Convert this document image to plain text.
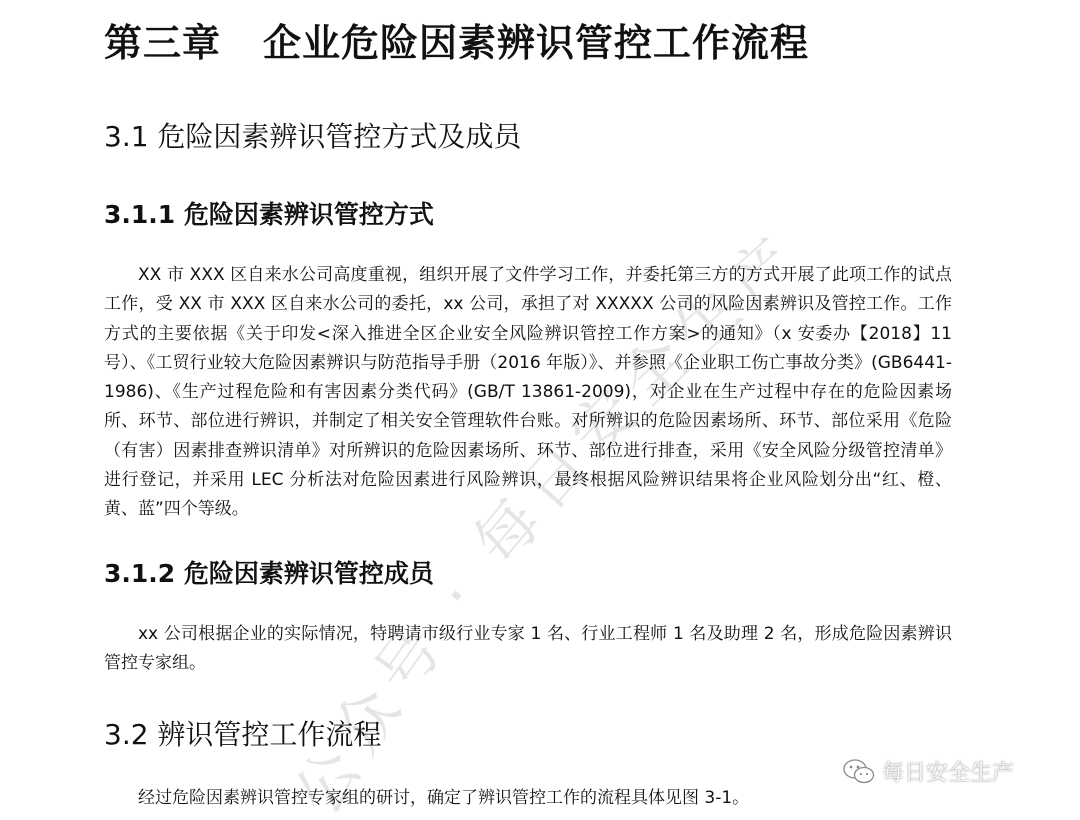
公众号 · 每日安全生产
第三章 企业危险因素辨识管控工作流程
3.1 危险因素辨识管控方式及成员
3.1.1 危险因素辨识管控方式

XX 市 XXX 区自来水公司高度重视，组织开展了文件学习工作，并委托第三方的方式开展了此项工作的试点工作，受 XX 市 XXX 区自来水公司的委托，xx 公司，承担了对 XXXXX 公司的风险因素辨识及管控工作。工作方式的主要依据《关于印发<深入推进全区企业安全风险辨识管控工作方案>的通知》（x 安委办【2018】11 号）、《工贸行业较大危险因素辨识与防范指导手册（2016 年版）》、并参照《企业职工伤亡事故分类》(GB6441-1986)、《生产过程危险和有害因素分类代码》(GB/T 13861-2009)，对企业在生产过程中存在的危险因素场所、环节、部位进行辨识，并制定了相关安全管理软件台账。对所辨识的危险因素场所、环节、部位采用《危险（有害）因素排查辨识清单》对所辨识的危险因素场所、环节、部位进行排查，采用《安全风险分级管控清单》进行登记，并采用 LEC 分析法对危险因素进行风险辨识，最终根据风险辨识结果将企业风险划分出“红、橙、黄、蓝”四个等级。

3.1.2 危险因素辨识管控成员

xx 公司根据企业的实际情况，特聘请市级行业专家 1 名、行业工程师 1 名及助理 2 名，形成危险因素辨识管控专家组。

3.2 辨识管控工作流程

经过危险因素辨识管控专家组的研讨，确定了辨识管控工作的流程具体见图 3-1。

每日安全生产
